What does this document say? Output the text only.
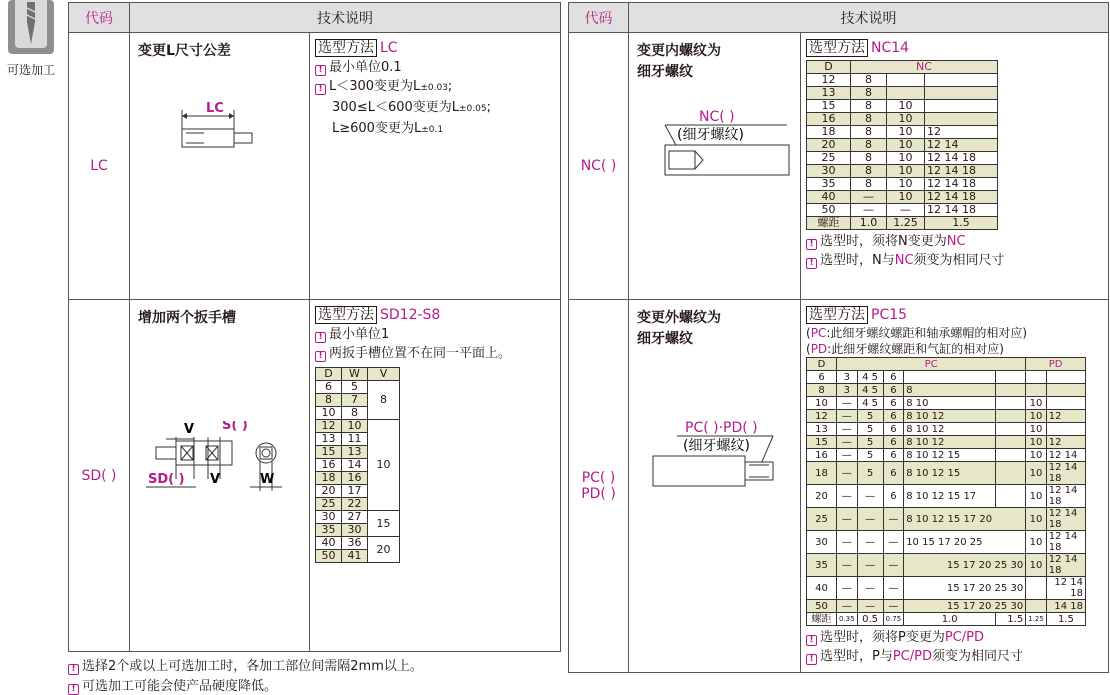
可选加工
代码	技术说明
LC	
变更L尺寸公差
LC
	选型方法 LC
! 最小单位0.1
! L＜300变更为L±0.03;
300≤L＜600变更为L±0.05;
L≥600变更为L±0.1

SD( )	
增加两个扳手槽
V S( )
SD( ) V	W
	选型方法 SD12-S8
! 最小单位1
! 两扳手槽位置不在同一平面上。
D	W	V
6	5	8
8	7
10	8
12	10	10
13	11
15	13
16	14
18	16
20	17
25	22
30	27	15
35	30
40	36	20
50	41
代码	技术说明
NC( )	
变更内螺纹为
细牙螺纹
NC( )
(细牙螺纹)
	选型方法 NC14
D	NC
12	8		
13	8		
15	8	10	
16	8	10	
18	8	10	12
20	8	10	12 14
25	8	10	12 14 18
30	8	10	12 14 18
35	8	10	12 14 18
40	—	10	12 14 18
50	—	—	12 14 18
螺距	1.0	1.25	1.5
! 选型时，须将N变更为NC
! 选型时，N与NC须变为相同尺寸

PC( )
PD( )

变更外螺纹为
细牙螺纹
PC( )·PD( )
(细牙螺纹)
	选型方法 PC15
(PC:此细牙螺纹螺距和轴承螺帽的相对应)
(PD:此细牙螺纹螺距和气缸的相对应)
D	PC	PD
6	3	4 5	6				
8	3	4 5	6	8			
10	—	4 5	6	8 10		10	
12	—	5	6	8 10 12		10	12
13	—	5	6	8 10 12		10	
15	—	5	6	8 10 12		10	12
16	—	5	6	8 10 12 15		10	12 14
18	—	5	6	8 10 12 15		10	12 14 18
20	—	—	6	8 10 12 15 17		10	12 14 18
25	—	—	—	8 10 12 15 17 20	10	12 14 18
30	—	—	—	10 15 17 20 25	10	12 14 18
35	—	—	—	15 17 20 25 30	10	12 14 18
40	—	—	—	15 17 20 25 30		12 14 18
50	—	—	—	15 17 20 25 30		14 18
螺距	0.35	0.5	0.75	1.0	1.5	1.25	1.5
! 选型时，须将P变更为PC/PD
! 选型时，P与PC/PD须变为相同尺寸
! 选择2个或以上可选加工时，各加工部位间需隔2mm以上。
! 可选加工可能会使产品硬度降低。
